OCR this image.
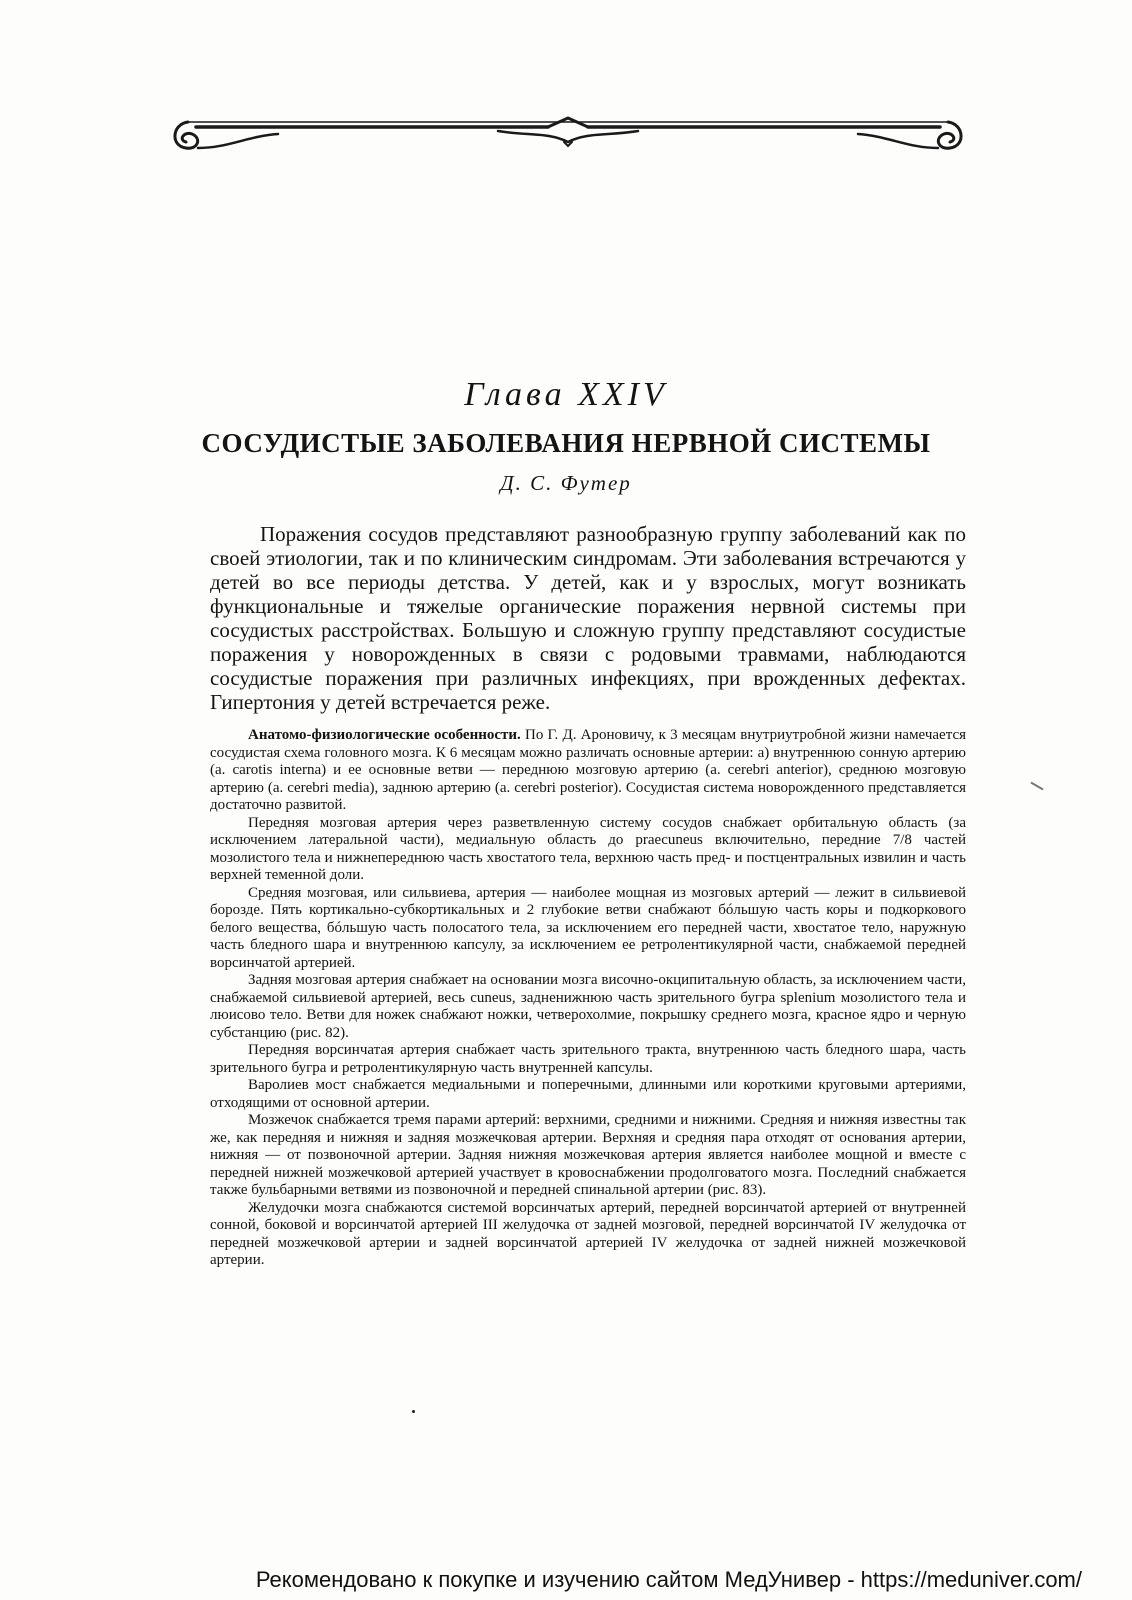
Глава XXIV
СОСУДИСТЫЕ ЗАБОЛЕВАНИЯ НЕРВНОЙ СИСТЕМЫ
Д. С. Футер

Поражения сосудов представляют разнообразную группу заболеваний как по своей этиологии, так и по клиническим синдромам. Эти заболевания встречаются у детей во все периоды детства. У детей, как и у взрослых, могут возникать функциональные и тяжелые органические поражения нервной системы при сосудистых расстройствах. Большую и сложную группу представляют сосудистые поражения у новорожденных в связи с родовыми травмами, наблюдаются сосудистые поражения при различных инфекциях, при врожденных дефектах. Гипертония у детей встречается реже.

Анатомо-физиологические особенности. По Г. Д. Ароновичу, к 3 месяцам внутриутробной жизни намечается сосудистая схема головного мозга. К 6 месяцам можно различать основные артерии: а) внутреннюю сонную артерию (a. carotis interna) и ее основные ветви — переднюю мозговую артерию (a. cerebri anterior), среднюю мозговую артерию (a. cerebri media), заднюю артерию (a. cerebri posterior). Сосудистая система новорожденного представляется достаточно развитой.

Передняя мозговая артерия через разветвленную систему сосудов снабжает орбитальную область (за исключением латеральной части), медиальную область до praecuneus включительно, передние 7/8 частей мозолистого тела и нижнепереднюю часть хвостатого тела, верхнюю часть пред- и постцентральных извилин и часть верхней теменной доли.

Средняя мозговая, или сильвиева, артерия — наиболее мощная из мозговых артерий — лежит в сильвиевой борозде. Пять кортикально-субкортикальных и 2 глубокие ветви снабжают бóльшую часть коры и подкоркового белого вещества, бóльшую часть полосатого тела, за исключением его передней части, хвостатое тело, наружную часть бледного шара и внутреннюю капсулу, за исключением ее ретролентикулярной части, снабжаемой передней ворсинчатой артерией.

Задняя мозговая артерия снабжает на основании мозга височно-окципитальную область, за исключением части, снабжаемой сильвиевой артерией, весь cuneus, задненижнюю часть зрительного бугра splenium мозолистого тела и люисово тело. Ветви для ножек снабжают ножки, четверохолмие, покрышку среднего мозга, красное ядро и черную субстанцию (рис. 82).

Передняя ворсинчатая артерия снабжает часть зрительного тракта, внутреннюю часть бледного шара, часть зрительного бугра и ретролентикулярную часть внутренней капсулы.

Варолиев мост снабжается медиальными и поперечными, длинными или короткими круговыми артериями, отходящими от основной артерии.

Мозжечок снабжается тремя парами артерий: верхними, средними и нижними. Средняя и нижняя известны так же, как передняя и нижняя и задняя мозжечковая артерии. Верхняя и средняя пара отходят от основания артерии, нижняя — от позвоночной артерии. Задняя нижняя мозжечковая артерия является наиболее мощной и вместе с передней нижней мозжечковой артерией участвует в кровоснабжении продолговатого мозга. Последний снабжается также бульбарными ветвями из позвоночной и передней спинальной артерии (рис. 83).

Желудочки мозга снабжаются системой ворсинчатых артерий, передней ворсинчатой артерией от внутренней сонной, боковой и ворсинчатой артерией III желудочка от задней мозговой, передней ворсинчатой IV желудочка от передней мозжечковой артерии и задней ворсинчатой артерией IV желудочка от задней нижней мозжечковой артерии.

Рекомендовано к покупке и изучению сайтом МедУнивер - https://meduniver.com/
